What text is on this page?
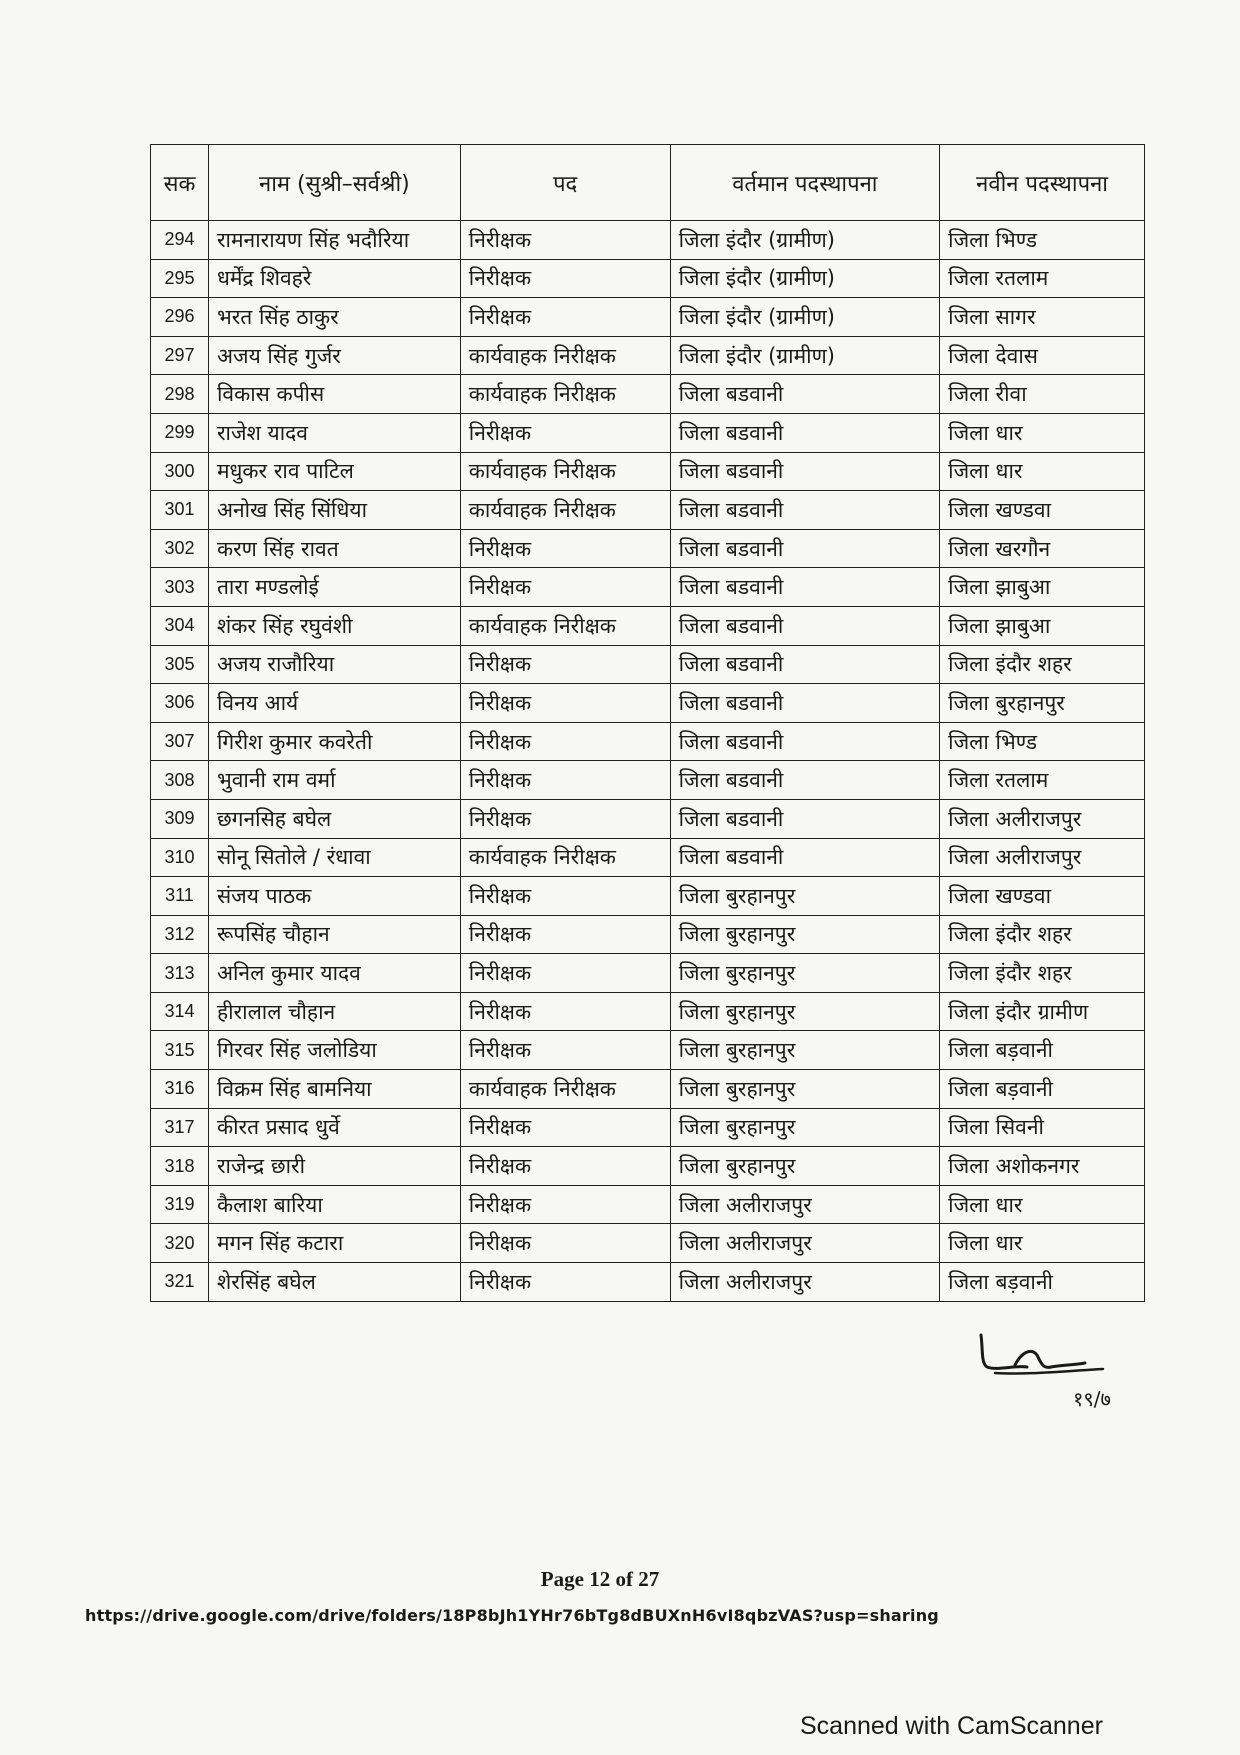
सक	नाम (सुश्री–सर्वश्री)	पद	वर्तमान पदस्थापना	नवीन पदस्थापना
294	रामनारायण सिंह भदौरिया	निरीक्षक	जिला इंदौर (ग्रामीण)	जिला भिण्ड
295	धर्मेंद्र शिवहरे	निरीक्षक	जिला इंदौर (ग्रामीण)	जिला रतलाम
296	भरत सिंह ठाकुर	निरीक्षक	जिला इंदौर (ग्रामीण)	जिला सागर
297	अजय सिंह गुर्जर	कार्यवाहक निरीक्षक	जिला इंदौर (ग्रामीण)	जिला देवास
298	विकास कपीस	कार्यवाहक निरीक्षक	जिला बडवानी	जिला रीवा
299	राजेश यादव	निरीक्षक	जिला बडवानी	जिला धार
300	मधुकर राव पाटिल	कार्यवाहक निरीक्षक	जिला बडवानी	जिला धार
301	अनोख सिंह सिंधिया	कार्यवाहक निरीक्षक	जिला बडवानी	जिला खण्डवा
302	करण सिंह रावत	निरीक्षक	जिला बडवानी	जिला खरगौन
303	तारा मण्डलोई	निरीक्षक	जिला बडवानी	जिला झाबुआ
304	शंकर सिंह रघुवंशी	कार्यवाहक निरीक्षक	जिला बडवानी	जिला झाबुआ
305	अजय राजौरिया	निरीक्षक	जिला बडवानी	जिला इंदौर शहर
306	विनय आर्य	निरीक्षक	जिला बडवानी	जिला बुरहानपुर
307	गिरीश कुमार कवरेती	निरीक्षक	जिला बडवानी	जिला भिण्ड
308	भुवानी राम वर्मा	निरीक्षक	जिला बडवानी	जिला रतलाम
309	छगनसिह बघेल	निरीक्षक	जिला बडवानी	जिला अलीराजपुर
310	सोनू सितोले / रंधावा	कार्यवाहक निरीक्षक	जिला बडवानी	जिला अलीराजपुर
311	संजय पाठक	निरीक्षक	जिला बुरहानपुर	जिला खण्डवा
312	रूपसिंह चौहान	निरीक्षक	जिला बुरहानपुर	जिला इंदौर शहर
313	अनिल कुमार यादव	निरीक्षक	जिला बुरहानपुर	जिला इंदौर शहर
314	हीरालाल चौहान	निरीक्षक	जिला बुरहानपुर	जिला इंदौर ग्रामीण
315	गिरवर सिंह जलोडिया	निरीक्षक	जिला बुरहानपुर	जिला बड़वानी
316	विक्रम सिंह बामनिया	कार्यवाहक निरीक्षक	जिला बुरहानपुर	जिला बड़वानी
317	कीरत प्रसाद धुर्वे	निरीक्षक	जिला बुरहानपुर	जिला सिवनी
318	राजेन्द्र छारी	निरीक्षक	जिला बुरहानपुर	जिला अशोकनगर
319	कैलाश बारिया	निरीक्षक	जिला अलीराजपुर	जिला धार
320	मगन सिंह कटारा	निरीक्षक	जिला अलीराजपुर	जिला धार
321	शेरसिंह बघेल	निरीक्षक	जिला अलीराजपुर	जिला बड़वानी
१९/७
Page 12 of 27
https://drive.google.com/drive/folders/18P8bJh1YHr76bTg8dBUXnH6vI8qbzVAS?usp=sharing
Scanned with CamScanner
